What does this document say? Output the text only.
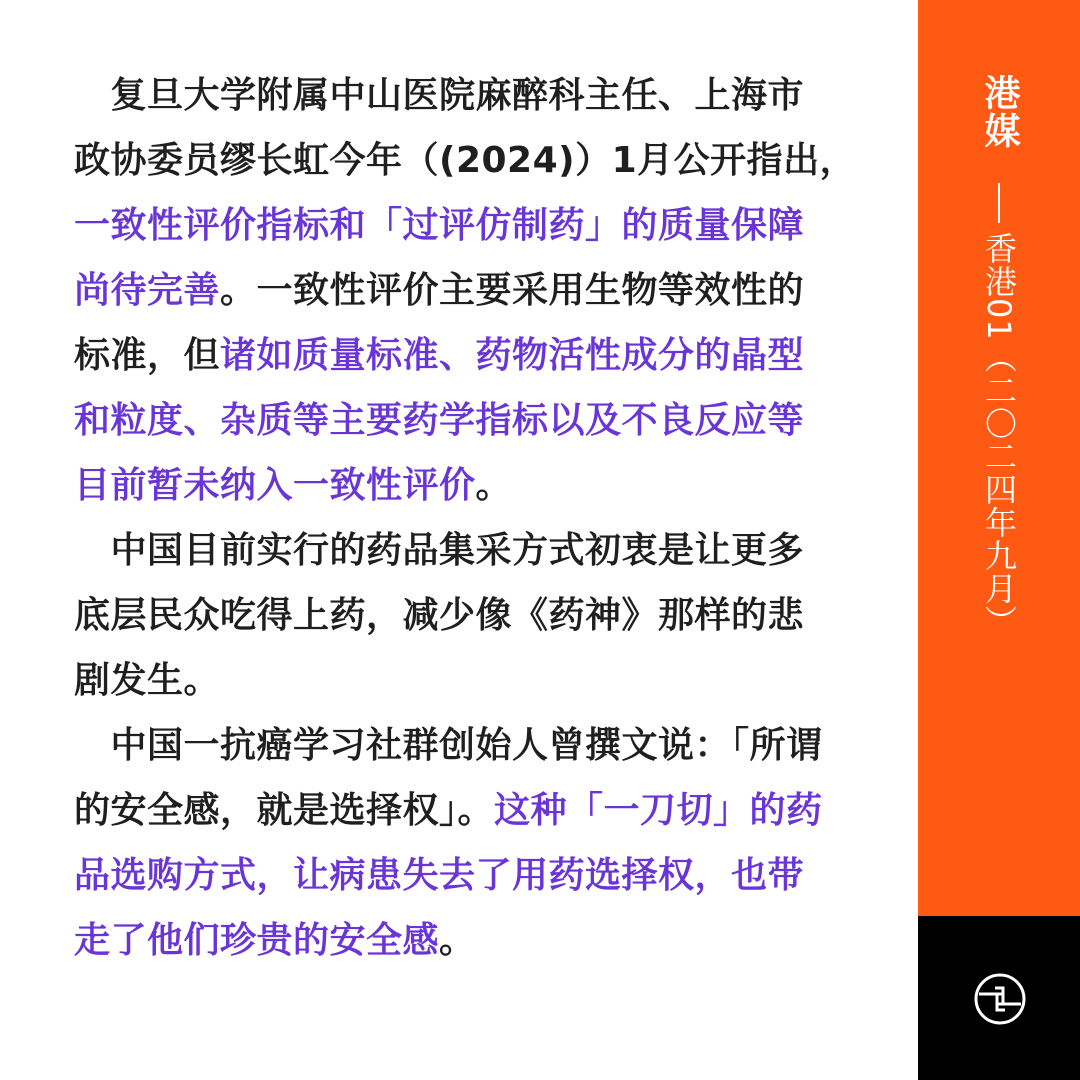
　复旦大学附属中山医院麻醉科主任、上海市
政协委员缪长虹今年（(2024)）1月公开指出，
一致性评价指标和「过评仿制药」的质量保障
尚待完善。一致性评价主要采用生物等效性的
标准，但诸如质量标准、药物活性成分的晶型
和粒度、杂质等主要药学指标以及不良反应等
目前暂未纳入一致性评价。
　中国目前实行的药品集采方式初衷是让更多
底层民众吃得上药，减少像《药神》那样的悲
剧发生。
　中国一抗癌学习社群创始人曾撰文说：「所谓
的安全感，就是选择权」。这种「一刀切」的药
品选购方式，让病患失去了用药选择权，也带
走了他们珍贵的安全感。
港媒
香港01（二〇二四年九月）
